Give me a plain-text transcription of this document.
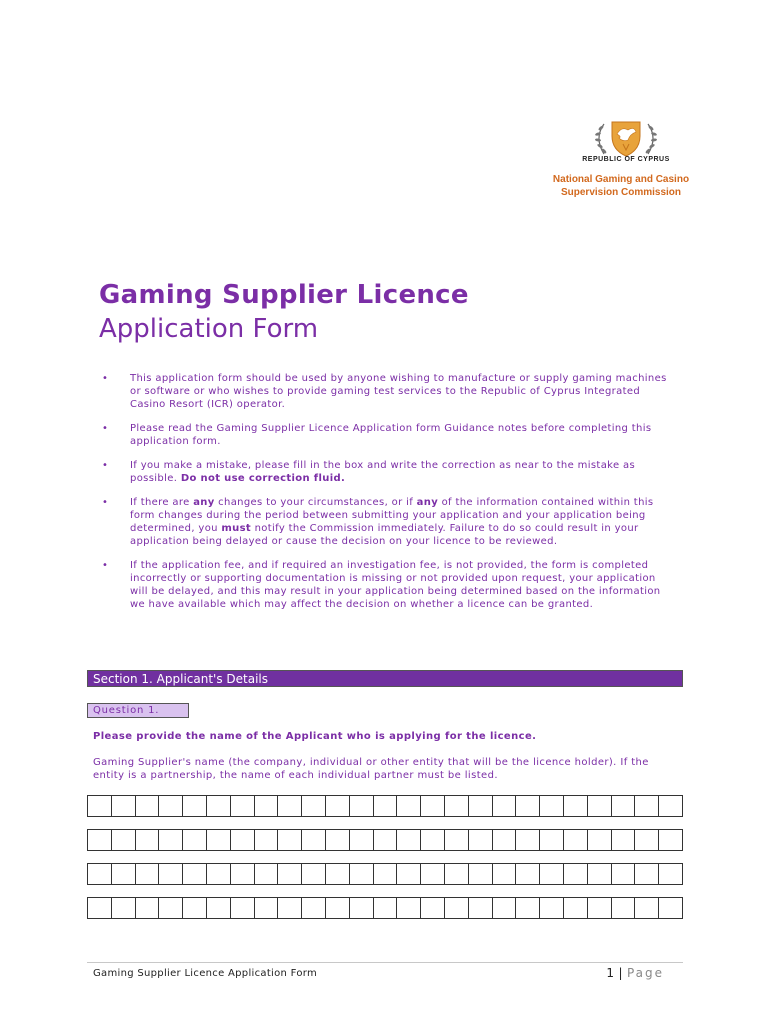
REPUBLIC OF CYPRUS
National Gaming and Casino
Supervision Commission
Gaming Supplier Licence
Application Form
• This application form should be used by anyone wishing to manufacture or supply gaming machines or software or who wishes to provide gaming test services to the Republic of Cyprus Integrated Casino Resort (ICR) operator.
• Please read the Gaming Supplier Licence Application form Guidance notes before completing this application form.
• If you make a mistake, please fill in the box and write the correction as near to the mistake as possible. Do not use correction fluid.
• If there are any changes to your circumstances, or if any of the information contained within this form changes during the period between submitting your application and your application being determined, you must notify the Commission immediately. Failure to do so could result in your application being delayed or cause the decision on your licence to be reviewed.
• If the application fee, and if required an investigation fee, is not provided, the form is completed incorrectly or supporting documentation is missing or not provided upon request, your application will be delayed, and this may result in your application being determined based on the information we have available which may affect the decision on whether a licence can be granted.
Section 1. Applicant's Details
Question 1.
Please provide the name of the Applicant who is applying for the licence.
Gaming Supplier's name (the company, individual or other entity that will be the licence holder). If the entity is a partnership, the name of each individual partner must be listed.
Gaming Supplier Licence Application Form	1 | Page
